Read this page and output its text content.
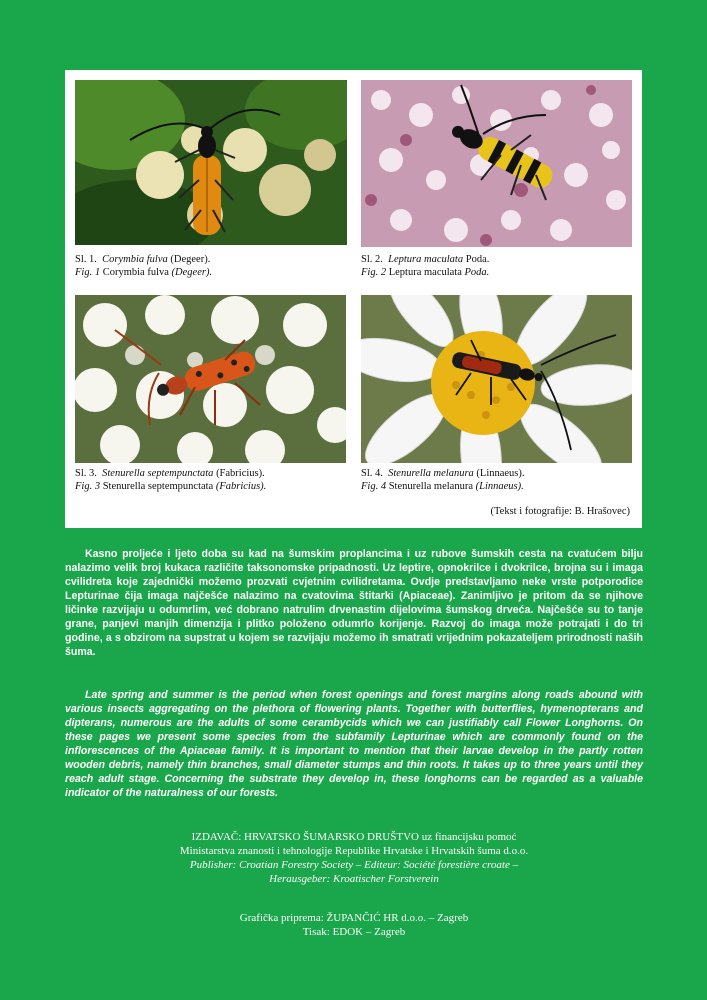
Sl. 1. Corymbia fulva (Degeer).
Fig. 1 Corymbia fulva (Degeer).
Sl. 2. Leptura maculata Poda.
Fig. 2 Leptura maculata Poda.
Sl. 3. Stenurella septempunctata (Fabricius).
Fig. 3 Stenurella septempunctata (Fabricius).
Sl. 4. Stenurella melanura (Linnaeus).
Fig. 4 Stenurella melanura (Linnaeus).
(Tekst i fotografije: B. Hrašovec)

Kasno proljeće i ljeto doba su kad na šumskim proplancima i uz rubove šumskih cesta na cvatućem bilju nalazimo velik broj kukaca različite taksonomske pripadnosti. Uz leptire, opnokrilce i dvokrilce, brojna su i imaga cvilidreta koje zajednički možemo prozvati cvjetnim cvilidretama. Ovdje predstavljamo neke vrste potporodice Lepturinae čija imaga najčešće nalazimo na cvatovima štitarki (Apiaceae). Zanimljivo je pritom da se njihove ličinke razvijaju u odumrlim, već dobrano natrulim drvenastim dijelovima šumskog drveća. Najčešće su to tanje grane, panjevi manjih dimenzija i plitko položeno odumrlo korijenje. Razvoj do imaga može potrajati i do tri godine, a s obzirom na supstrat u kojem se razvijaju možemo ih smatrati vrijednim pokazateljem prirodnosti naših šuma.

Late spring and summer is the period when forest openings and forest margins along roads abound with various insects aggregating on the plethora of flowering plants. Together with butterflies, hymenopterans and dipterans, numerous are the adults of some cerambycids which we can justifiably call Flower Longhorns. On these pages we present some species from the subfamily Lepturinae which are commonly found on the inflorescences of the Apiaceae family. It is important to mention that their larvae develop in the partly rotten wooden debris, namely thin branches, small diameter stumps and thin roots. It takes up to three years until they reach adult stage. Concerning the substrate they develop in, these longhorns can be regarded as a valuable indicator of the naturalness of our forests.

IZDAVAČ: HRVATSKO ŠUMARSKO DRUŠTVO uz financijsku pomoć
Ministarstva znanosti i tehnologije Republike Hrvatske i Hrvatskih šuma d.o.o.
Publisher: Croatian Forestry Society – Editeur: Société forestière croate –
Herausgeber: Kroatischer Forstverein
Grafička priprema: ŽUPANČIĆ HR d.o.o. – Zagreb
Tisak: EDOK – Zagreb
